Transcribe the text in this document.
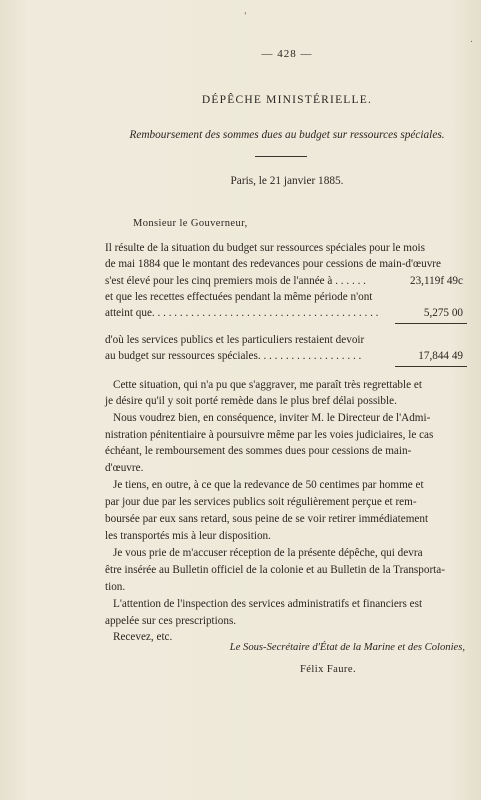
'
.
— 428 —
DÉPÊCHE MINISTÉRIELLE.
Remboursement des sommes dues au budget sur ressources spéciales.
Paris, le 21 janvier 1885.
Monsieur le Gouverneur,
Il résulte de la situation du budget sur ressources spéciales pour le mois
de mai 1884 que le montant des redevances pour cessions de main-d'œuvre
s'est élevé pour les cinq premiers mois de l'année à . . . . . .	23,119f 49c
et que les recettes effectuées pendant la même période n'ont
atteint que. . . . . . . . . . . . . . . . . . . . . . . . . . . . . . . . . . . . . . . . .	5,275 00
d'où les services publics et les particuliers restaient devoir
au budget sur ressources spéciales. . . . . . . . . . . . . . . . . . .	17,844 49
Cette situation, qui n'a pu que s'aggraver, me paraît très regrettable et
je désire qu'il y soit porté remède dans le plus bref délai possible.
Nous voudrez bien, en conséquence, inviter M. le Directeur de l'Admi-
nistration pénitentiaire à poursuivre même par les voies judiciaires, le cas
échéant, le remboursement des sommes dues pour cessions de main-
d'œuvre.
Je tiens, en outre, à ce que la redevance de 50 centimes par homme et
par jour due par les services publics soit régulièrement perçue et rem-
boursée par eux sans retard, sous peine de se voir retirer immédiatement
les transportés mis à leur disposition.
Je vous prie de m'accuser réception de la présente dépêche, qui devra
être insérée au Bulletin officiel de la colonie et au Bulletin de la Transporta-
tion.
L'attention de l'inspection des services administratifs et financiers est
appelée sur ces prescriptions.
Recevez, etc.
Le Sous-Secrétaire d'État de la Marine et des Colonies,
Félix Faure.
